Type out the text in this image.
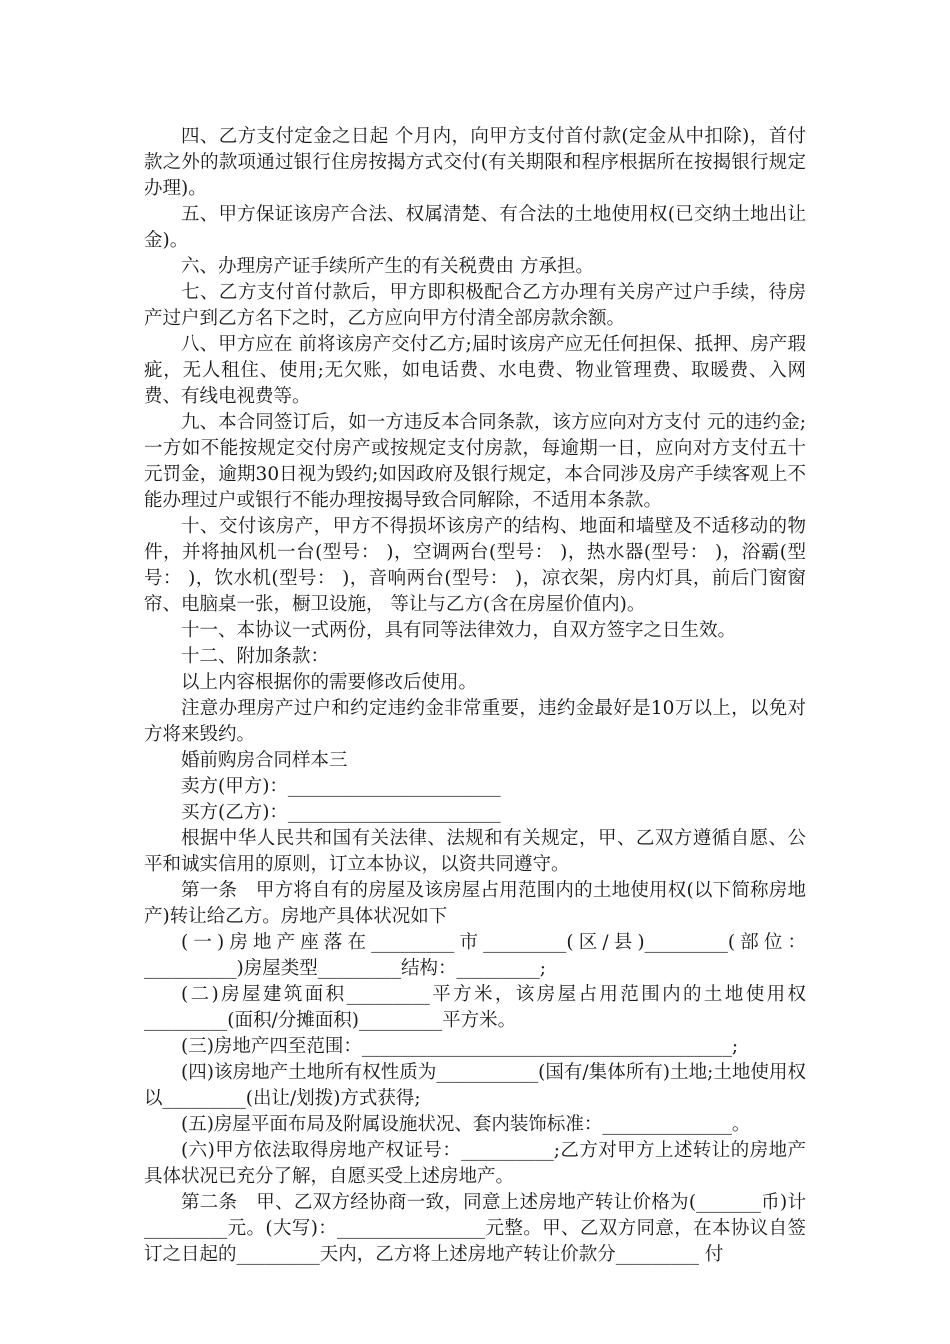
四、乙方支付定金之日起 个月内，向甲方支付首付款(定金从中扣除)，首付款之外的款项通过银行住房按揭方式交付(有关期限和程序根据所在按揭银行规定办理)。

五、甲方保证该房产合法、权属清楚、有合法的土地使用权(已交纳土地出让金)。

六、办理房产证手续所产生的有关税费由 方承担。

七、乙方支付首付款后，甲方即积极配合乙方办理有关房产过户手续，待房产过户到乙方名下之时，乙方应向甲方付清全部房款余额。

八、甲方应在 前将该房产交付乙方;届时该房产应无任何担保、抵押、房产瑕疵，无人租住、使用;无欠账，如电话费、水电费、物业管理费、取暖费、入网费、有线电视费等。

九、本合同签订后，如一方违反本合同条款，该方应向对方支付 元的违约金;一方如不能按规定交付房产或按规定支付房款，每逾期一日，应向对方支付五十元罚金，逾期30日视为毁约;如因政府及银行规定，本合同涉及房产手续客观上不能办理过户或银行不能办理按揭导致合同解除，不适用本条款。

十、交付该房产，甲方不得损坏该房产的结构、地面和墙壁及不适移动的物件，并将抽风机一台(型号： )，空调两台(型号： )，热水器(型号： )，浴霸(型号： )，饮水机(型号： )，音响两台(型号： )，凉衣架，房内灯具，前后门窗窗帘、电脑桌一张，橱卫设施， 等让与乙方(含在房屋价值内)。

十一、本协议一式两份，具有同等法律效力，自双方签字之日生效。

十二、附加条款：

以上内容根据你的需要修改后使用。

注意办理房产过户和约定违约金非常重要，违约金最好是10万以上，以免对方将来毁约。

婚前购房合同样本三

卖方(甲方)：_______________________

买方(乙方)：_______________________

根据中华人民共和国有关法律、法规和有关规定，甲、乙双方遵循自愿、公平和诚实信用的原则，订立本协议，以资共同遵守。

第一条　甲方将自有的房屋及该房屋占用范围内的土地使用权(以下简称房地产)转让给乙方。房地产具体状况如下

(一)房地产座落在_________市_________(区/县)_________(部位：__________)房屋类型_________结构：_________;

(二)房屋建筑面积_________平方米，该房屋占用范围内的土地使用权_________(面积/分摊面积)_________平方米。

(三)房地产四至范围：________________________________________;

(四)该房地产土地所有权性质为___________(国有/集体所有)土地;土地使用权以_________(出让/划拨)方式获得;

(五)房屋平面布局及附属设施状况、套内装饰标准：______________。

(六)甲方依法取得房地产权证号：__________;乙方对甲方上述转让的房地产具体状况已充分了解，自愿买受上述房地产。

第二条　甲、乙双方经协商一致，同意上述房地产转让价格为(_______币)计_________元。(大写)：________________元整。甲、乙双方同意，在本协议自签订之日起的_________天内，乙方将上述房地产转让价款分_________ 付
